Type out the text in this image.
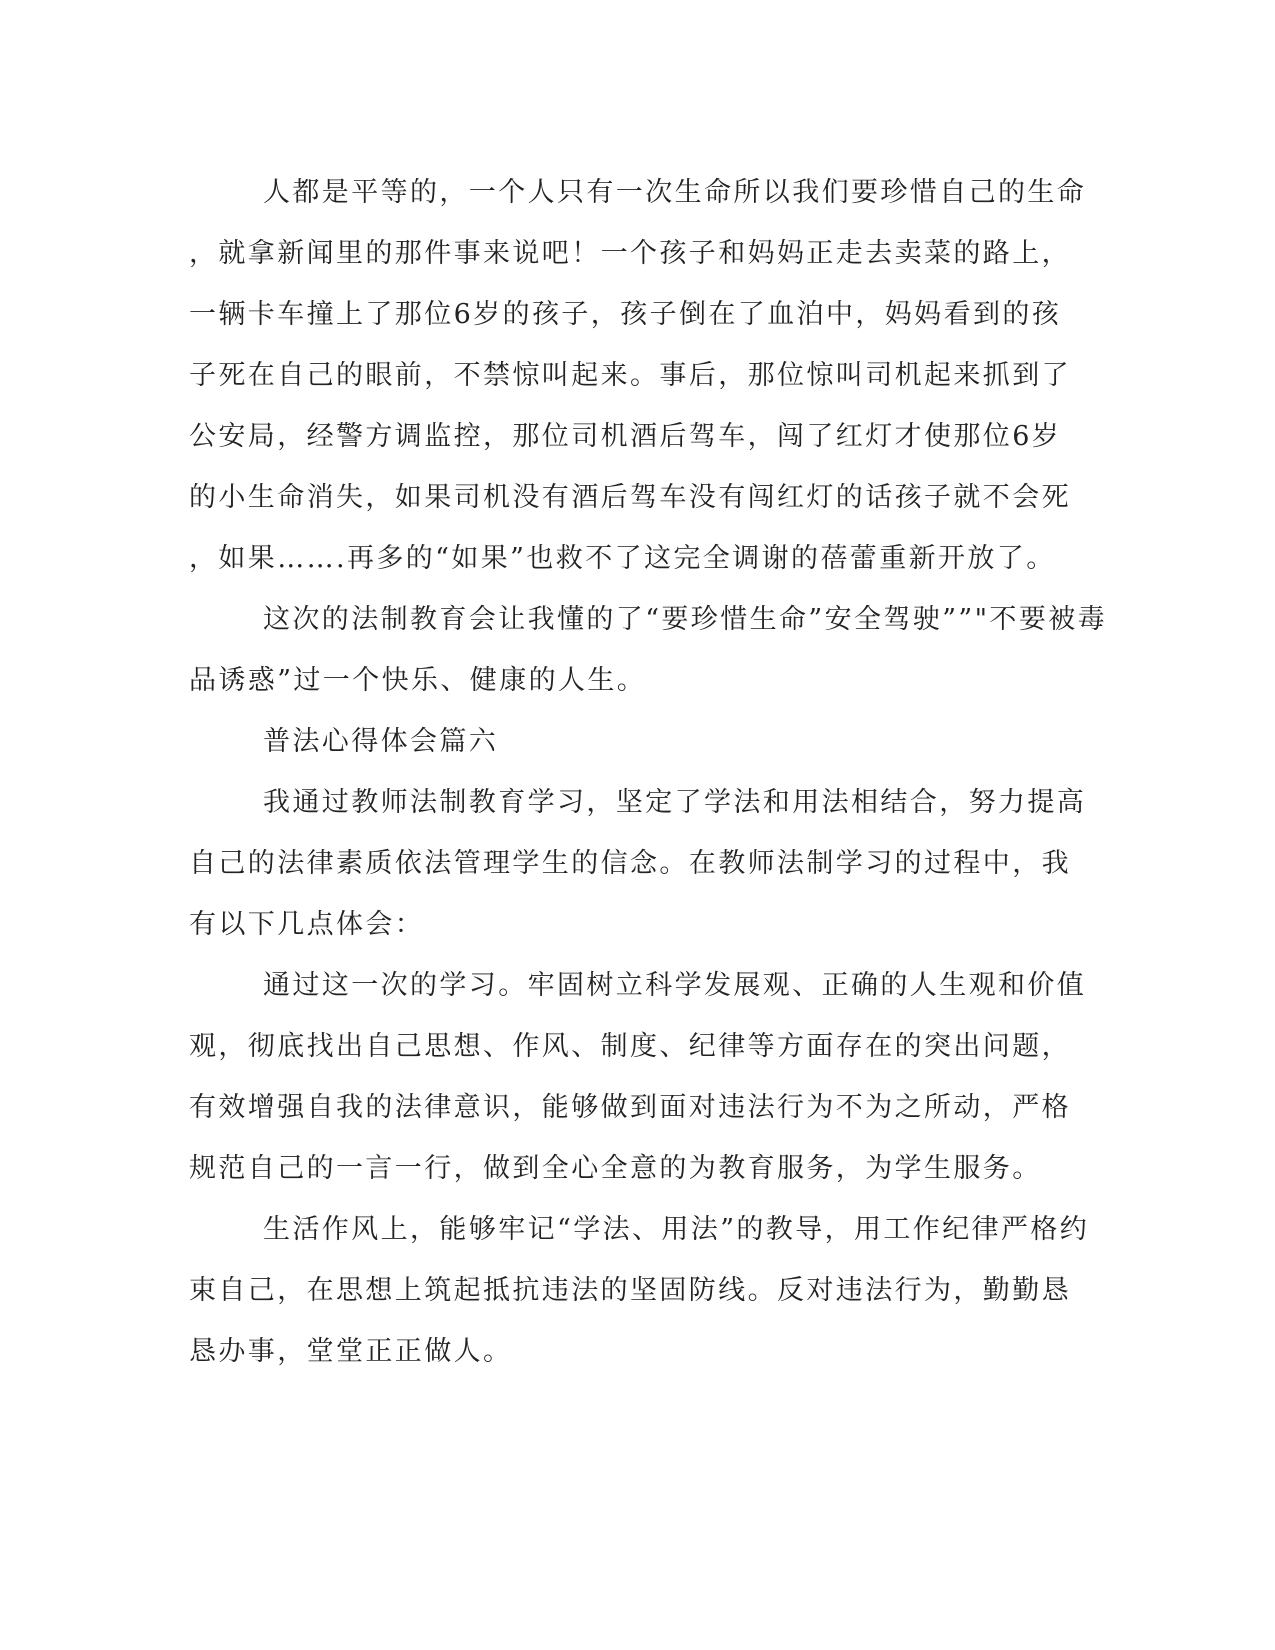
人都是平等的，一个人只有一次生命所以我们要珍惜自己的生命
，就拿新闻里的那件事来说吧！一个孩子和妈妈正走去卖菜的路上，
一辆卡车撞上了那位6岁的孩子，孩子倒在了血泊中，妈妈看到的孩
子死在自己的眼前，不禁惊叫起来。事后，那位惊叫司机起来抓到了
公安局，经警方调监控，那位司机酒后驾车，闯了红灯才使那位6岁
的小生命消失，如果司机没有酒后驾车没有闯红灯的话孩子就不会死
，如果…….再多的“如果”也救不了这完全调谢的蓓蕾重新开放了。
这次的法制教育会让我懂的了“要珍惜生命”安全驾驶””"不要被毒
品诱惑”过一个快乐、健康的人生。
普法心得体会篇六
我通过教师法制教育学习，坚定了学法和用法相结合，努力提高
自己的法律素质依法管理学生的信念。在教师法制学习的过程中，我
有以下几点体会：
通过这一次的学习。牢固树立科学发展观、正确的人生观和价值
观，彻底找出自己思想、作风、制度、纪律等方面存在的突出问题，
有效增强自我的法律意识，能够做到面对违法行为不为之所动，严格
规范自己的一言一行，做到全心全意的为教育服务，为学生服务。
生活作风上，能够牢记“学法、用法”的教导，用工作纪律严格约
束自己，在思想上筑起抵抗违法的坚固防线。反对违法行为，勤勤恳
恳办事，堂堂正正做人。
